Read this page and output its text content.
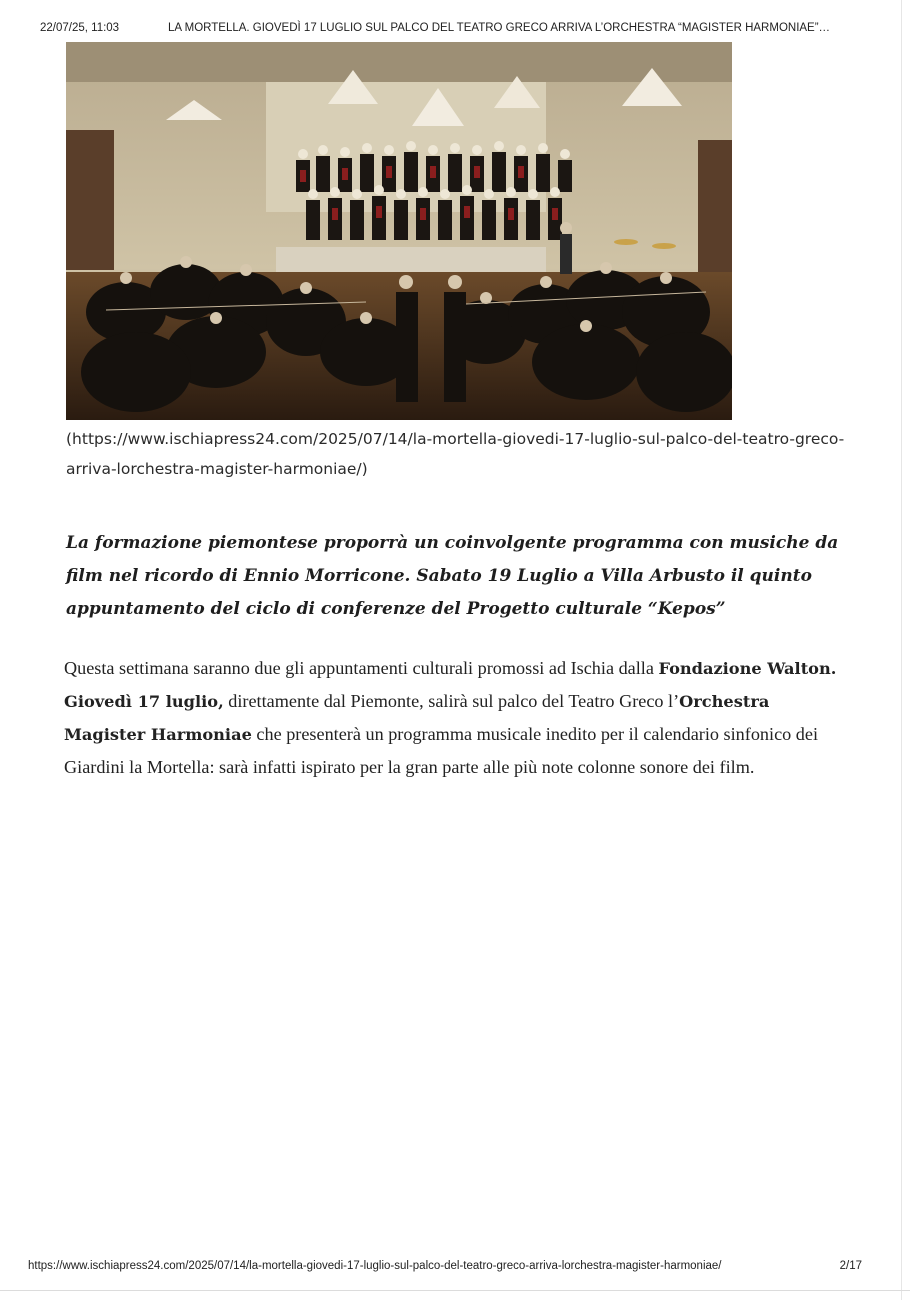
22/07/25, 11:03	LA MORTELLA. GIOVEDÌ 17 LUGLIO SUL PALCO DEL TEATRO GRECO ARRIVA L’ORCHESTRA “MAGISTER HARMONIAE”…

(https://www.ischiapress24.com/2025/07/14/la-mortella-giovedi-17-luglio-sul-palco-del-teatro-greco-arriva-lorchestra-magister-harmoniae/)

La formazione piemontese proporrà un coinvolgente programma con musiche da film nel ricordo di Ennio Morricone. Sabato 19 Luglio a Villa Arbusto il quinto appuntamento del ciclo di conferenze del Progetto culturale “Kepos”

Questa settimana saranno due gli appuntamenti culturali promossi ad Ischia dalla Fondazione Walton. Giovedì 17 luglio, direttamente dal Piemonte, salirà sul palco del Teatro Greco l’Orchestra Magister Harmoniae che presenterà un programma musicale inedito per il calendario sinfonico dei Giardini la Mortella: sarà infatti ispirato per la gran parte alle più note colonne sonore dei film.

https://www.ischiapress24.com/2025/07/14/la-mortella-giovedi-17-luglio-sul-palco-del-teatro-greco-arriva-lorchestra-magister-harmoniae/	2/17
